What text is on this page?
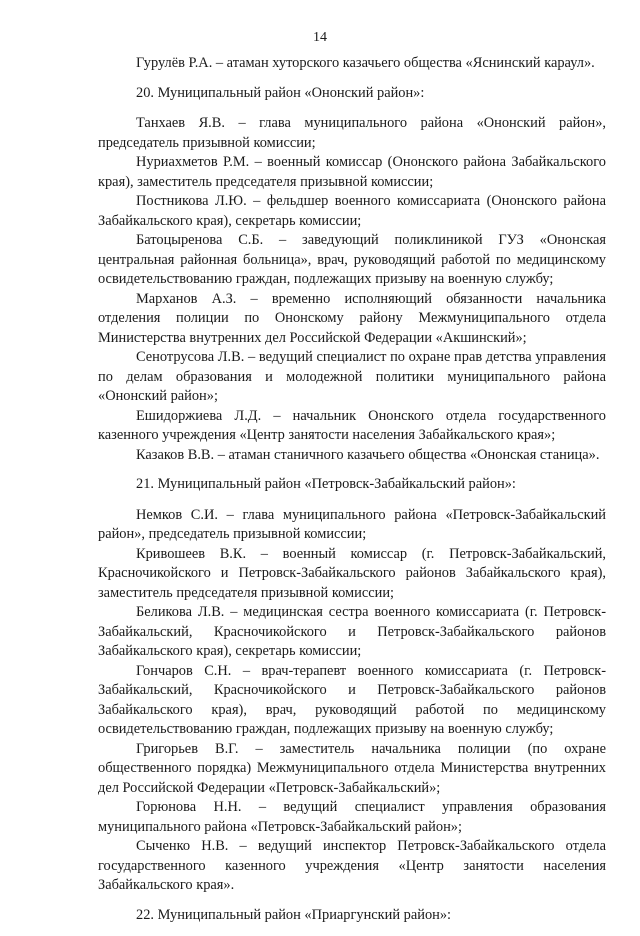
14

Гурулёв Р.А. – атаман хуторского казачьего общества «Яснинский караул».

20. Муниципальный район «Ононский район»:

Танхаев Я.В. – глава муниципального района «Ононский район», председатель призывной комиссии;

Нуриахметов Р.М. – военный комиссар (Ононского района Забайкальского края), заместитель председателя призывной комиссии;

Постникова Л.Ю. – фельдшер военного комиссариата (Ононского района Забайкальского края), секретарь комиссии;

Батоцыренова С.Б. – заведующий поликлиникой ГУЗ «Ононская центральная районная больница», врач, руководящий работой по медицинскому освидетельствованию граждан, подлежащих призыву на военную службу;

Марханов А.З. – временно исполняющий обязанности начальника отделения полиции по Ононскому району Межмуниципального отдела Министерства внутренних дел Российской Федерации «Акшинский»;

Сенотрусова Л.В. – ведущий специалист по охране прав детства управления по делам образования и молодежной политики муниципального района «Ононский район»;

Ешидоржиева Л.Д. – начальник Ононского отдела государственного казенного учреждения «Центр занятости населения Забайкальского края»;

Казаков В.В. – атаман станичного казачьего общества «Ононская станица».

21. Муниципальный район «Петровск-Забайкальский район»:

Немков С.И. – глава муниципального района «Петровск-Забайкальский район», председатель призывной комиссии;

Кривошеев В.К. – военный комиссар (г. Петровск-Забайкальский, Красночикойского и Петровск-Забайкальского районов Забайкальского края), заместитель председателя призывной комиссии;

Беликова Л.В. – медицинская сестра военного комиссариата (г. Петровск-Забайкальский, Красночикойского и Петровск-Забайкальского районов Забайкальского края), секретарь комиссии;

Гончаров С.Н. – врач-терапевт военного комиссариата (г. Петровск-Забайкальский, Красночикойского и Петровск-Забайкальского районов Забайкальского края), врач, руководящий работой по медицинскому освидетельствованию граждан, подлежащих призыву на военную службу;

Григорьев В.Г. – заместитель начальника полиции (по охране общественного порядка) Межмуниципального отдела Министерства внутренних дел Российской Федерации «Петровск-Забайкальский»;

Горюнова Н.Н. – ведущий специалист управления образования муниципального района «Петровск-Забайкальский район»;

Сыченко Н.В. – ведущий инспектор Петровск-Забайкальского отдела государственного казенного учреждения «Центр занятости населения Забайкальского края».

22. Муниципальный район «Приаргунский район»:
